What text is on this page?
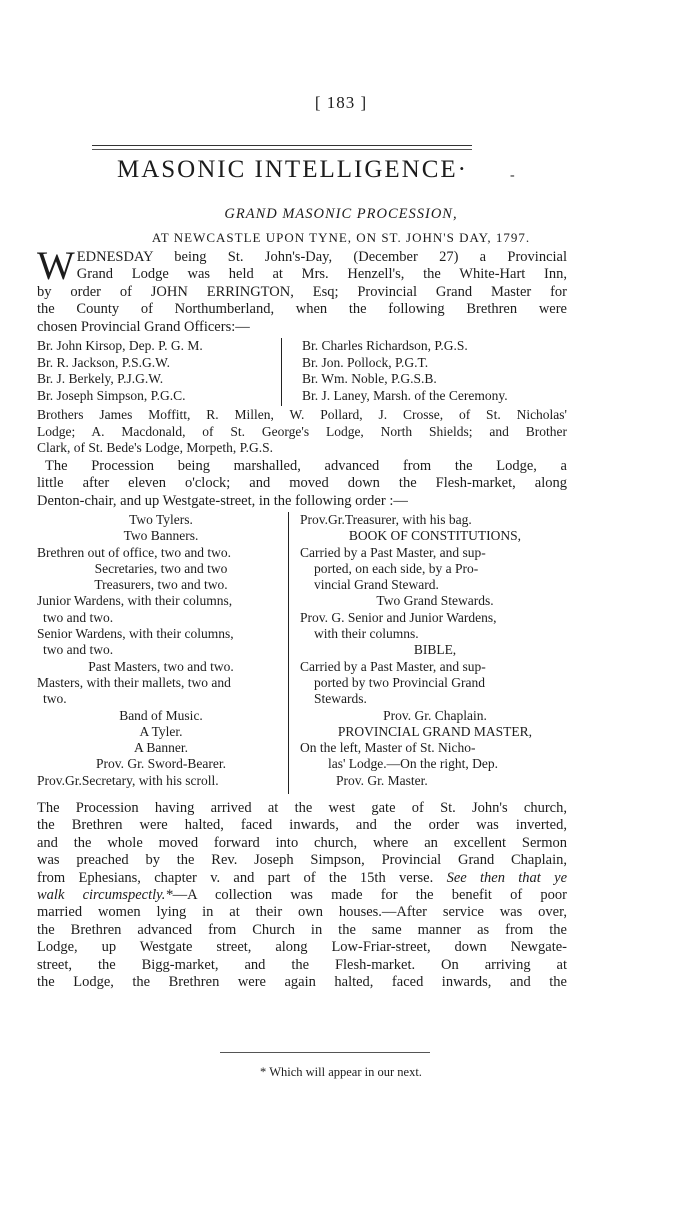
[ 183 ]
MASONIC INTELLIGENCE·	-
GRAND MASONIC PROCESSION,
AT NEWCASTLE UPON TYNE, ON ST. JOHN'S DAY, 1797.
W EDNESDAY being St. John's-Day, (December 27) a Provincial
Grand Lodge was held at Mrs. Henzell's, the White-Hart Inn,
by order of JOHN ERRINGTON, Esq; Provincial Grand Master for
the County of Northumberland, when the following Brethren were
chosen Provincial Grand Officers:—
Br. John Kirsop, Dep. P. G. M.
Br. R. Jackson, P.S.G.W.
Br. J. Berkely, P.J.G.W.
Br. Joseph Simpson, P.G.C.
Br. Charles Richardson, P.G.S.
Br. Jon. Pollock, P.G.T.
Br. Wm. Noble, P.G.S.B.
Br. J. Laney, Marsh. of the Ceremony.
Brothers James Moffitt, R. Millen, W. Pollard, J. Crosse, of St. Nicholas'
Lodge; A. Macdonald, of St. George's Lodge, North Shields; and Brother
Clark, of St. Bede's Lodge, Morpeth, P.G.S.
The Procession being marshalled, advanced from the Lodge, a
little after eleven o'clock; and moved down the Flesh-market, along
Denton-chair, and up Westgate-street, in the following order :—
Two Tylers.
Two Banners.
Brethren out of office, two and two.
Secretaries, two and two
Treasurers, two and two.
Junior Wardens, with their columns,
two and two.
Senior Wardens, with their columns,
two and two.
Past Masters, two and two.
Masters, with their mallets, two and
two.
Band of Music.
A Tyler.
A Banner.
Prov. Gr. Sword-Bearer.
Prov.Gr.Secretary, with his scroll.
Prov.Gr.Treasurer, with his bag.
BOOK OF CONSTITUTIONS,
Carried by a Past Master, and sup-
ported, on each side, by a Pro-
vincial Grand Steward.
Two Grand Stewards.
Prov. G. Senior and Junior Wardens,
with their columns.
BIBLE,
Carried by a Past Master, and sup-
ported by two Provincial Grand
Stewards.
Prov. Gr. Chaplain.
PROVINCIAL GRAND MASTER,
On the left, Master of St. Nicho-
las' Lodge.—On the right, Dep.
Prov. Gr. Master.
The Procession having arrived at the west gate of St. John's church,
the Brethren were halted, faced inwards, and the order was inverted,
and the whole moved forward into church, where an excellent Sermon
was preached by the Rev. Joseph Simpson, Provincial Grand Chaplain,
from Ephesians, chapter v. and part of the 15th verse. See then that ye
walk circumspectly.*—A collection was made for the benefit of poor
married women lying in at their own houses.—After service was over,
the Brethren advanced from Church in the same manner as from the
Lodge, up Westgate street, along Low-Friar-street, down Newgate-
street, the Bigg-market, and the Flesh-market. On arriving at
the Lodge, the Brethren were again halted, faced inwards, and the
* Which will appear in our next.
